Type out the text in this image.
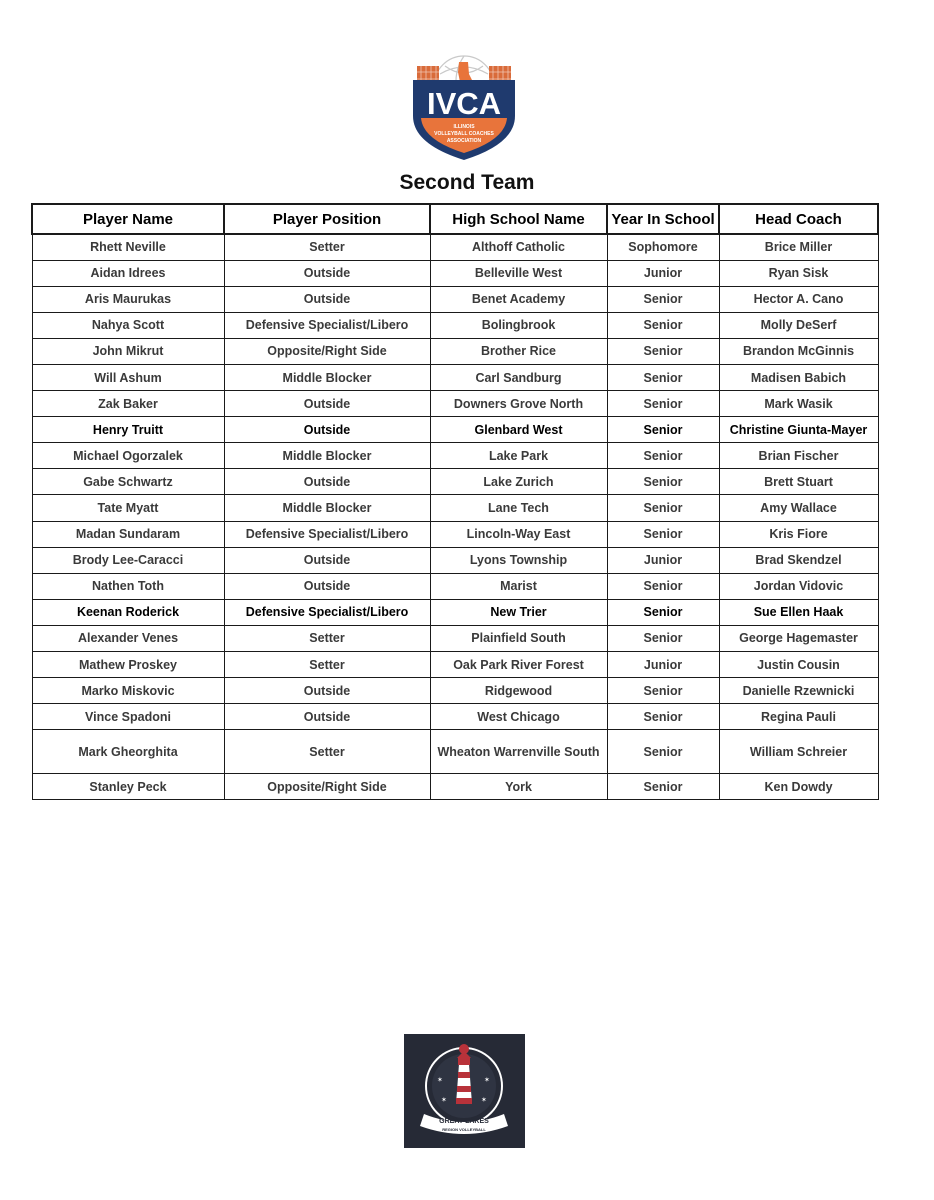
IVCA
ILLINOIS
VOLLEYBALL COACHES
ASSOCIATION
Second Team
Player Name	Player Position	High School Name	Year In School	Head Coach
Rhett Neville	Setter	Althoff Catholic	Sophomore	Brice Miller
Aidan Idrees	Outside	Belleville West	Junior	Ryan Sisk
Aris Maurukas	Outside	Benet Academy	Senior	Hector A. Cano
Nahya Scott	Defensive Specialist/Libero	Bolingbrook	Senior	Molly DeSerf
John Mikrut	Opposite/Right Side	Brother Rice	Senior	Brandon McGinnis
Will Ashum	Middle Blocker	Carl Sandburg	Senior	Madisen Babich
Zak Baker	Outside	Downers Grove North	Senior	Mark Wasik
Henry Truitt	Outside	Glenbard West	Senior	Christine Giunta-Mayer
Michael Ogorzalek	Middle Blocker	Lake Park	Senior	Brian Fischer
Gabe Schwartz	Outside	Lake Zurich	Senior	Brett Stuart
Tate Myatt	Middle Blocker	Lane Tech	Senior	Amy Wallace
Madan Sundaram	Defensive Specialist/Libero	Lincoln-Way East	Senior	Kris Fiore
Brody Lee-Caracci	Outside	Lyons Township	Junior	Brad Skendzel
Nathen Toth	Outside	Marist	Senior	Jordan Vidovic
Keenan Roderick	Defensive Specialist/Libero	New Trier	Senior	Sue Ellen Haak
Alexander Venes	Setter	Plainfield South	Senior	George Hagemaster
Mathew Proskey	Setter	Oak Park River Forest	Junior	Justin Cousin
Marko Miskovic	Outside	Ridgewood	Senior	Danielle Rzewnicki
Vince Spadoni	Outside	West Chicago	Senior	Regina Pauli
Mark Gheorghita	Setter	Wheaton Warrenville South	Senior	William Schreier
Stanley Peck	Opposite/Right Side	York	Senior	Ken Dowdy
✶	✶
✶	✶
GREAT LAKES
REGION VOLLEYBALL
